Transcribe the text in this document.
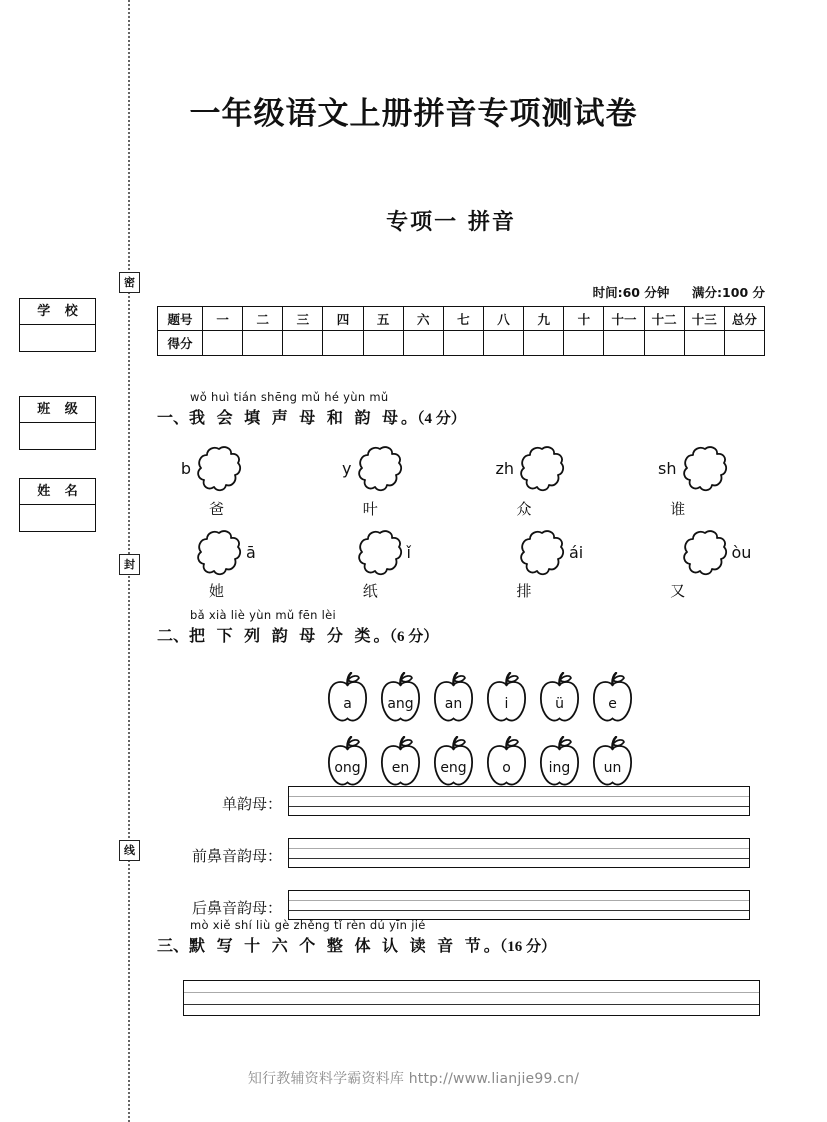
密
封
线
学 校
班 级
姓 名
一年级语文上册拼音专项测试卷
专项一 拼音
时间:60 分钟 满分:100 分
题号	一	二	三	四	五	六	七	八	九	十	十一	十二	十三	总分
得分														
wǒ huì tián shēng mǔ hé yùn mǔ
一、我 会 填 声 母 和 韵 母。（4 分）
b	y	zh	sh
爸	叶	众	谁
ā	ǐ	ái	òu
她	纸	排	又
bǎ xià liè yùn mǔ fēn lèi
二、把 下 列 韵 母 分 类。（6 分）
a	ang	an	i	ü	e
ong	en	eng	o	ing	un
单韵母：
前鼻音韵母：
后鼻音韵母：
mò xiě shí liù gè zhěng tǐ rèn dú yīn jié
三、默 写 十 六 个 整 体 认 读 音 节。（16 分）
知行教辅资料学霸资料库 http://www.lianjie99.cn/
